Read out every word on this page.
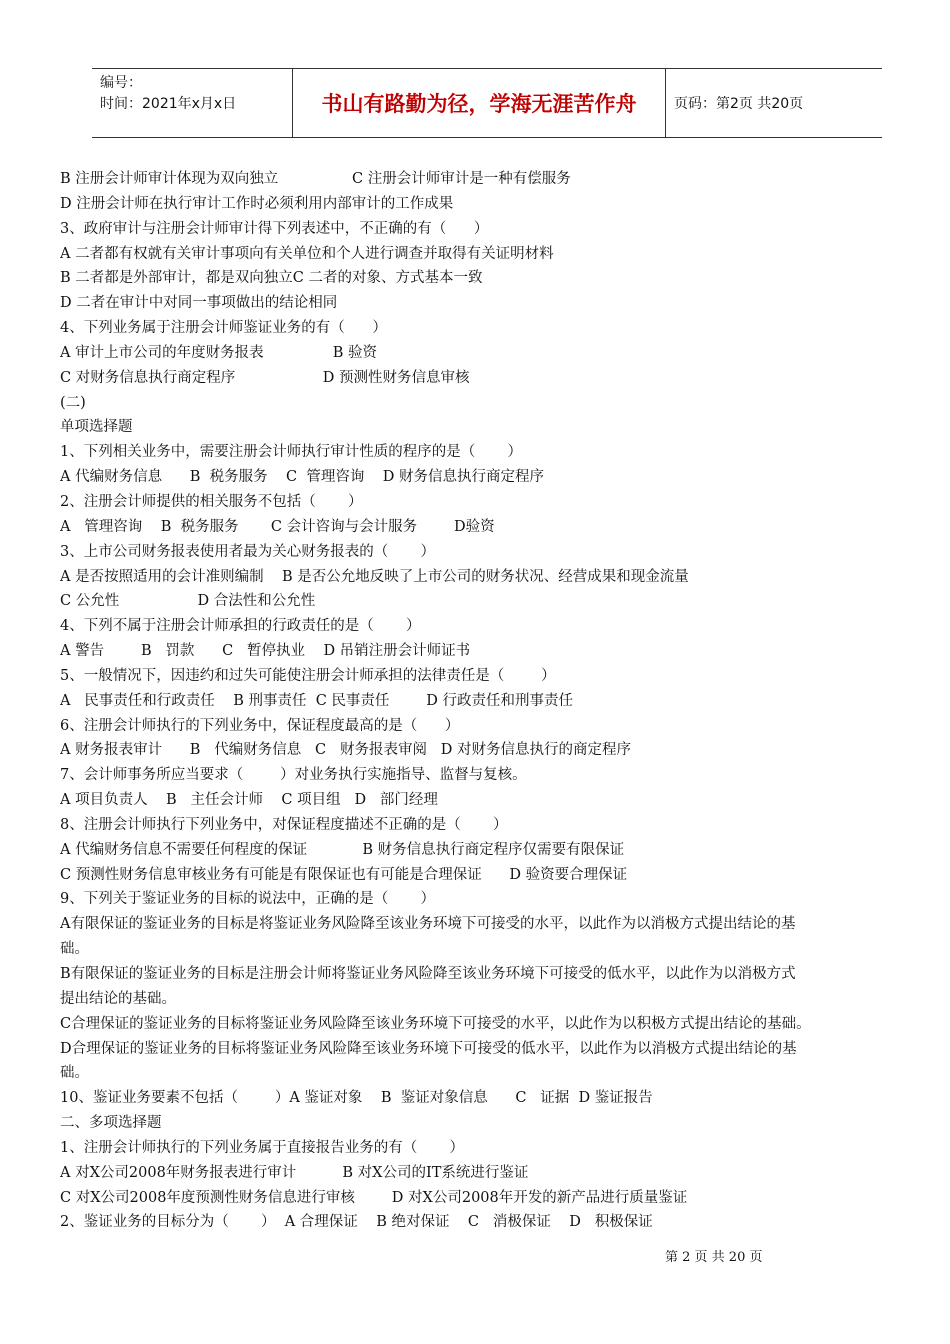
编号：
时间：2021年x月x日	书山有路勤为径，学海无涯苦作舟	页码：第2页 共20页
B 注册会计师审计体现为双向独立                C 注册会计师审计是一种有偿服务
D 注册会计师在执行审计工作时必须利用内部审计的工作成果
3、政府审计与注册会计师审计得下列表述中，不正确的有（      ）
A 二者都有权就有关审计事项向有关单位和个人进行调查并取得有关证明材料
B 二者都是外部审计，都是双向独立C 二者的对象、方式基本一致
D 二者在审计中对同一事项做出的结论相同
4、下列业务属于注册会计师鉴证业务的有（      ）
A 审计上市公司的年度财务报表               B 验资
C 对财务信息执行商定程序                   D 预测性财务信息审核
(二)
单项选择题
1、下列相关业务中，需要注册会计师执行审计性质的程序的是（       ）
A 代编财务信息      B  税务服务    C  管理咨询    D 财务信息执行商定程序
2、注册会计师提供的相关服务不包括（       ）
A   管理咨询    B  税务服务       C 会计咨询与会计服务        D验资
3、上市公司财务报表使用者最为关心财务报表的（       ）
A 是否按照适用的会计准则编制    B 是否公允地反映了上市公司的财务状况、经营成果和现金流量
C 公允性                 D 合法性和公允性
4、下列不属于注册会计师承担的行政责任的是（       ）
A 警告        B   罚款      C   暂停执业    D 吊销注册会计师证书
5、一般情况下，因违约和过失可能使注册会计师承担的法律责任是（        ）
A   民事责任和行政责任    B 刑事责任  C 民事责任        D 行政责任和刑事责任
6、注册会计师执行的下列业务中，保证程度最高的是（      ）
A 财务报表审计      B   代编财务信息   C   财务报表审阅   D 对财务信息执行的商定程序
7、会计师事务所应当要求（        ）对业务执行实施指导、监督与复核。
A 项目负责人    B   主任会计师    C 项目组   D   部门经理
8、注册会计师执行下列业务中，对保证程度描述不正确的是（       ）
A 代编财务信息不需要任何程度的保证            B 财务信息执行商定程序仅需要有限保证
C 预测性财务信息审核业务有可能是有限保证也有可能是合理保证      D 验资要合理保证
9、下列关于鉴证业务的目标的说法中，正确的是（       ）
A有限保证的鉴证业务的目标是将鉴证业务风险降至该业务环境下可接受的水平，以此作为以消极方式提出结论的基
础。
B有限保证的鉴证业务的目标是注册会计师将鉴证业务风险降至该业务环境下可接受的低水平，以此作为以消极方式
提出结论的基础。
C合理保证的鉴证业务的目标将鉴证业务风险降至该业务环境下可接受的水平，以此作为以积极方式提出结论的基础。
D合理保证的鉴证业务的目标将鉴证业务风险降至该业务环境下可接受的低水平，以此作为以消极方式提出结论的基
础。
10、鉴证业务要素不包括（        ）A 鉴证对象    B  鉴证对象信息      C   证据  D 鉴证报告
二、多项选择题
1、注册会计师执行的下列业务属于直接报告业务的有（       ）
A 对X公司2008年财务报表进行审计          B 对X公司的IT系统进行鉴证
C 对X公司2008年度预测性财务信息进行审核        D 对X公司2008年开发的新产品进行质量鉴证
2、鉴证业务的目标分为（       ）  A 合理保证    B 绝对保证    C   消极保证    D   积极保证
第 2 页 共 20 页
